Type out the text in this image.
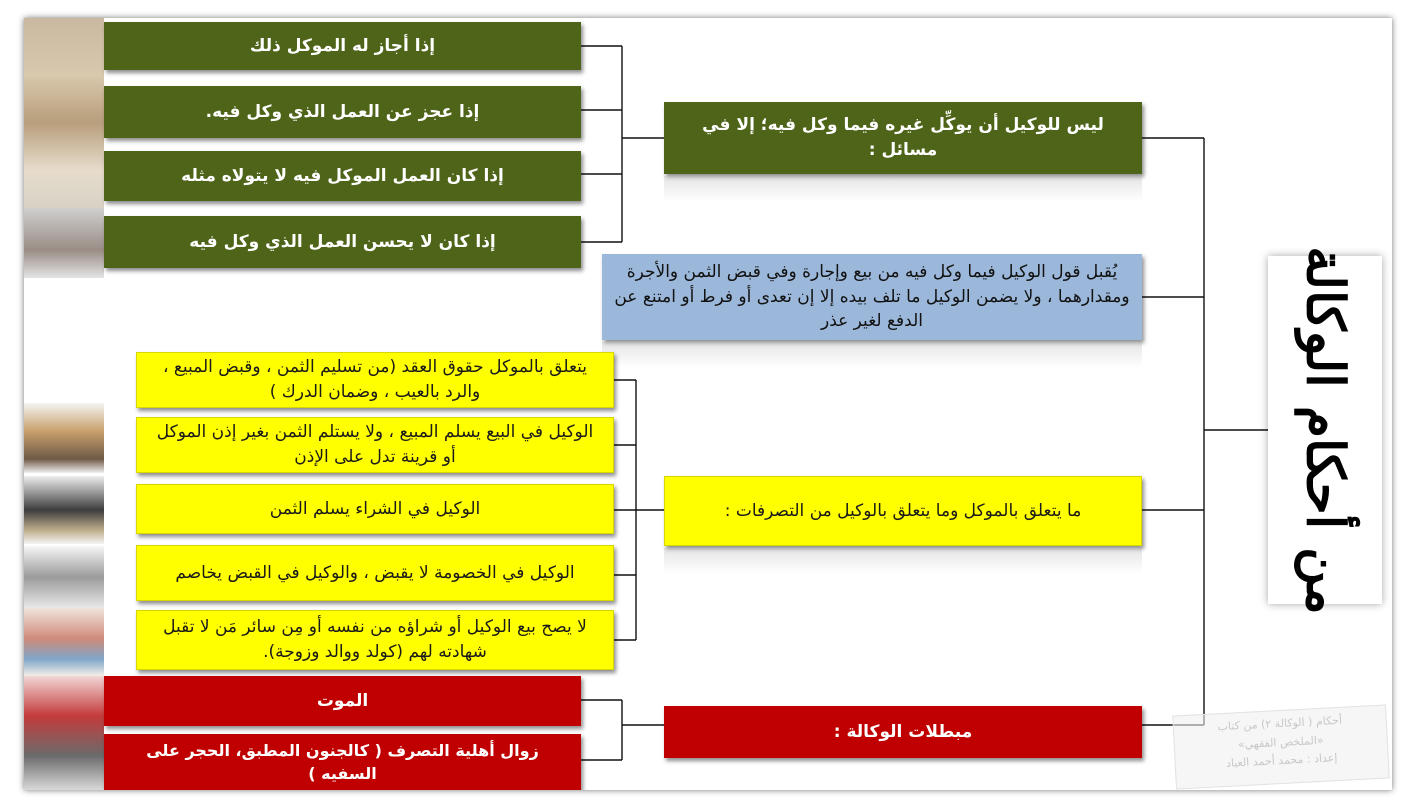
من أحكام الوكالة
ليس للوكيل أن يوكِّل غيره فيما وكل فيه؛ إلا في مسائل :
إذا أجاز له الموكل ذلك
إذا عجز عن العمل الذي وكل فيه.
إذا كان العمل الموكل فيه لا يتولاه مثله
إذا كان لا يحسن العمل الذي وكل فيه
يُقبل قول الوكيل فيما وكل فيه من بيع وإجارة وفي قبض الثمن والأجرة ومقدارهما ، ولا يضمن الوكيل ما تلف بيده إلا إن تعدى أو فرط أو امتنع عن الدفع لغير عذر
ما يتعلق بالموكل وما يتعلق بالوكيل من التصرفات :
يتعلق بالموكل حقوق العقد (من تسليم الثمن ، وقبض المبيع ، والرد بالعيب ، وضمان الدرك )
الوكيل في البيع يسلم المبيع ، ولا يستلم الثمن بغير إذن الموكل أو قرينة تدل على الإذن
الوكيل في الشراء يسلم الثمن
الوكيل في الخصومة لا يقبض ، والوكيل في القبض يخاصم
لا يصح بيع الوكيل أو شراؤه من نفسه أو مِن سائر مَن لا تقبل شهادته لهم (كولد ووالد وزوجة).
مبطلات الوكالة :
الموت
زوال أهلية التصرف ( كالجنون المطبق، الحجر على السفيه )
أحكام ( الوكالة ٢) من كتاب
«الملخص الفقهي»
إعداد : محمد أحمد العباد
